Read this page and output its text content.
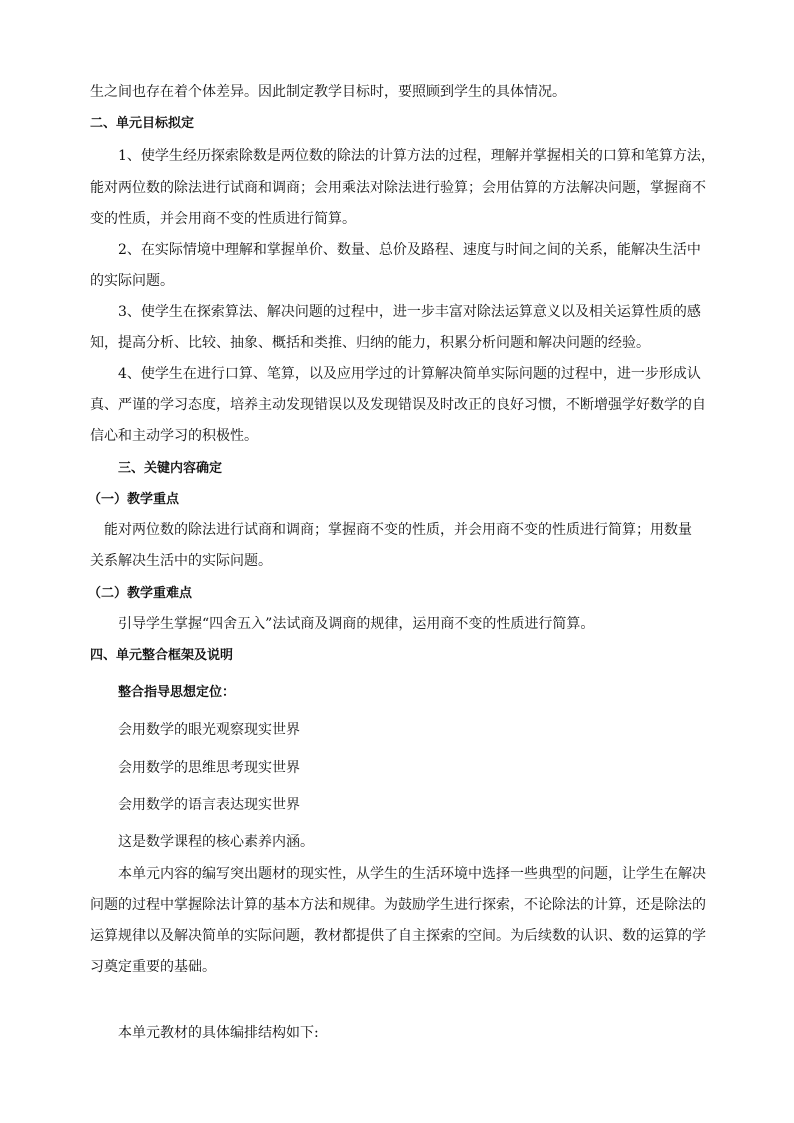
生之间也存在着个体差异。因此制定教学目标时，要照顾到学生的具体情况。

二、单元目标拟定

1、使学生经历探索除数是两位数的除法的计算方法的过程，理解并掌握相关的口算和笔算方法，

能对两位数的除法进行试商和调商；会用乘法对除法进行验算；会用估算的方法解决问题，掌握商不

变的性质，并会用商不变的性质进行简算。

2、在实际情境中理解和掌握单价、数量、总价及路程、速度与时间之间的关系，能解决生活中

的实际问题。

3、使学生在探索算法、解决问题的过程中，进一步丰富对除法运算意义以及相关运算性质的感

知，提高分析、比较、抽象、概括和类推、归纳的能力，积累分析问题和解决问题的经验。

4、使学生在进行口算、笔算，以及应用学过的计算解决简单实际问题的过程中，进一步形成认

真、严谨的学习态度，培养主动发现错误以及发现错误及时改正的良好习惯，不断增强学好数学的自

信心和主动学习的积极性。

三、关键内容确定

（一）教学重点

能对两位数的除法进行试商和调商；掌握商不变的性质，并会用商不变的性质进行简算；用数量

关系解决生活中的实际问题。

（二）教学重难点

引导学生掌握“四舍五入”法试商及调商的规律，运用商不变的性质进行简算。

四、单元整合框架及说明

整合指导思想定位：

会用数学的眼光观察现实世界

会用数学的思维思考现实世界

会用数学的语言表达现实世界

这是数学课程的核心素养内涵。

本单元内容的编写突出题材的现实性，从学生的生活环境中选择一些典型的问题，让学生在解决

问题的过程中掌握除法计算的基本方法和规律。为鼓励学生进行探索，不论除法的计算，还是除法的

运算规律以及解决简单的实际问题，教材都提供了自主探索的空间。为后续数的认识、数的运算的学

习奠定重要的基础。

本单元教材的具体编排结构如下:
